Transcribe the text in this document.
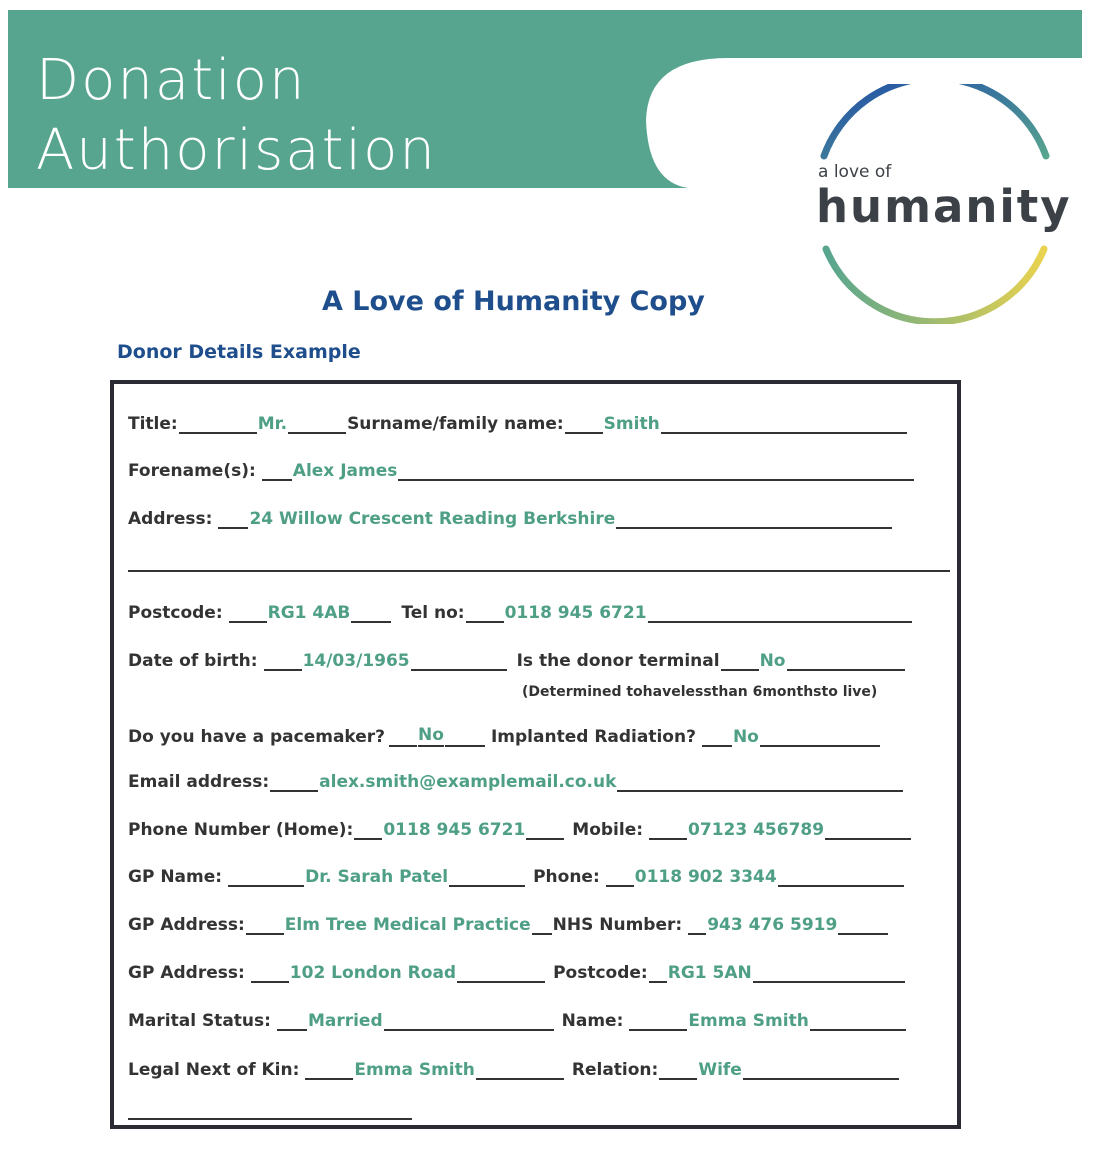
Donation
Authorisation	a love of
humanity
A Love of Humanity Copy
Donor Details Example
Title:	Mr.	Surname/family name: Smith
Forename(s): Alex James
Address: 24 Willow Crescent Reading Berkshire
Postcode:	RG1 4AB	Tel no: 0118 945 6721
Date of birth:	14/03/1965	Is the donor terminal No
(Determined tohavelessthan 6monthsto live)
Do you have a pacemaker? No	Implanted Radiation? No
Email address:	alex.smith@examplemail.co.uk
Phone Number (Home): 0118 945 6721	Mobile:	07123 456789
GP Name:	Dr. Sarah Patel	Phone: 0118 902 3344
GP Address: Elm Tree Medical Practice NHS Number: 943 476 5919
GP Address:	102 London Road	Postcode: RG1 5AN
Marital Status: Married	Name:	Emma Smith
Legal Next of Kin:	Emma Smith	Relation: Wife
